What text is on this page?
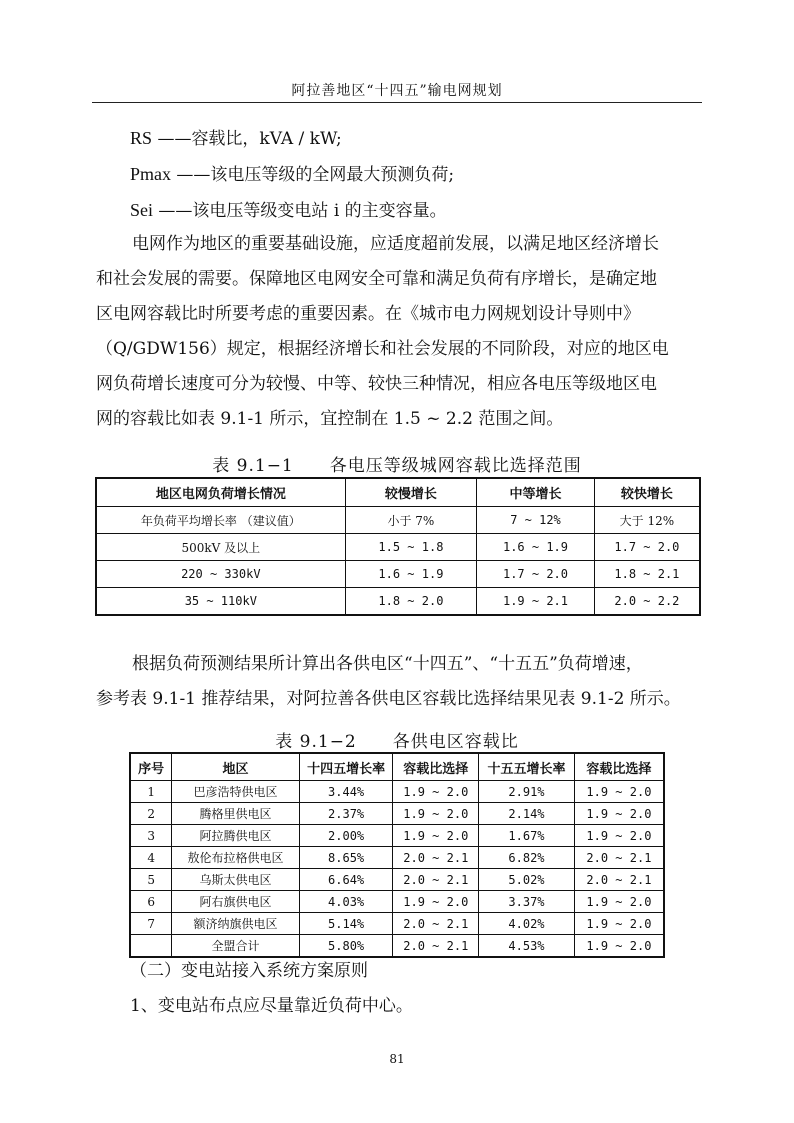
阿拉善地区“十四五”输电网规划
RS ——容载比，kVA / kW;
Pmax ——该电压等级的全网最大预测负荷;
Sei ——该电压等级变电站 i 的主变容量。
电网作为地区的重要基础设施，应适度超前发展，以满足地区经济增长
和社会发展的需要。保障地区电网安全可靠和满足负荷有序增长，是确定地
区电网容载比时所要考虑的重要因素。在《城市电力网规划设计导则中》
（Q/GDW156）规定，根据经济增长和社会发展的不同阶段，对应的地区电
网负荷增长速度可分为较慢、中等、较快三种情况，相应各电压等级地区电
网的容载比如表 9.1-1 所示，宜控制在 1.5 ~ 2.2 范围之间。
表 9.1−1　　各电压等级城网容载比选择范围
地区电网负荷增长情况	较慢增长	中等增长	较快增长
年负荷平均增长率 （建议值）	小于 7%	7 ~ 12%	大于 12%
500kV 及以上	1.5 ~ 1.8	1.6 ~ 1.9	1.7 ~ 2.0
220 ~ 330kV	1.6 ~ 1.9	1.7 ~ 2.0	1.8 ~ 2.1
35 ~ 110kV	1.8 ~ 2.0	1.9 ~ 2.1	2.0 ~ 2.2
根据负荷预测结果所计算出各供电区“十四五”、“十五五”负荷增速，
参考表 9.1-1 推荐结果，对阿拉善各供电区容载比选择结果见表 9.1-2 所示。
表 9.1−2　　各供电区容载比
序号	地区	十四五增长率	容载比选择	十五五增长率	容载比选择
1	巴彦浩特供电区	3.44%	1.9 ~ 2.0	2.91%	1.9 ~ 2.0
2	腾格里供电区	2.37%	1.9 ~ 2.0	2.14%	1.9 ~ 2.0
3	阿拉腾供电区	2.00%	1.9 ~ 2.0	1.67%	1.9 ~ 2.0
4	敖伦布拉格供电区	8.65%	2.0 ~ 2.1	6.82%	2.0 ~ 2.1
5	乌斯太供电区	6.64%	2.0 ~ 2.1	5.02%	2.0 ~ 2.1
6	阿右旗供电区	4.03%	1.9 ~ 2.0	3.37%	1.9 ~ 2.0
7	额济纳旗供电区	5.14%	2.0 ~ 2.1	4.02%	1.9 ~ 2.0
	全盟合计	5.80%	2.0 ~ 2.1	4.53%	1.9 ~ 2.0
（二）变电站接入系统方案原则
1、变电站布点应尽量靠近负荷中心。
81
